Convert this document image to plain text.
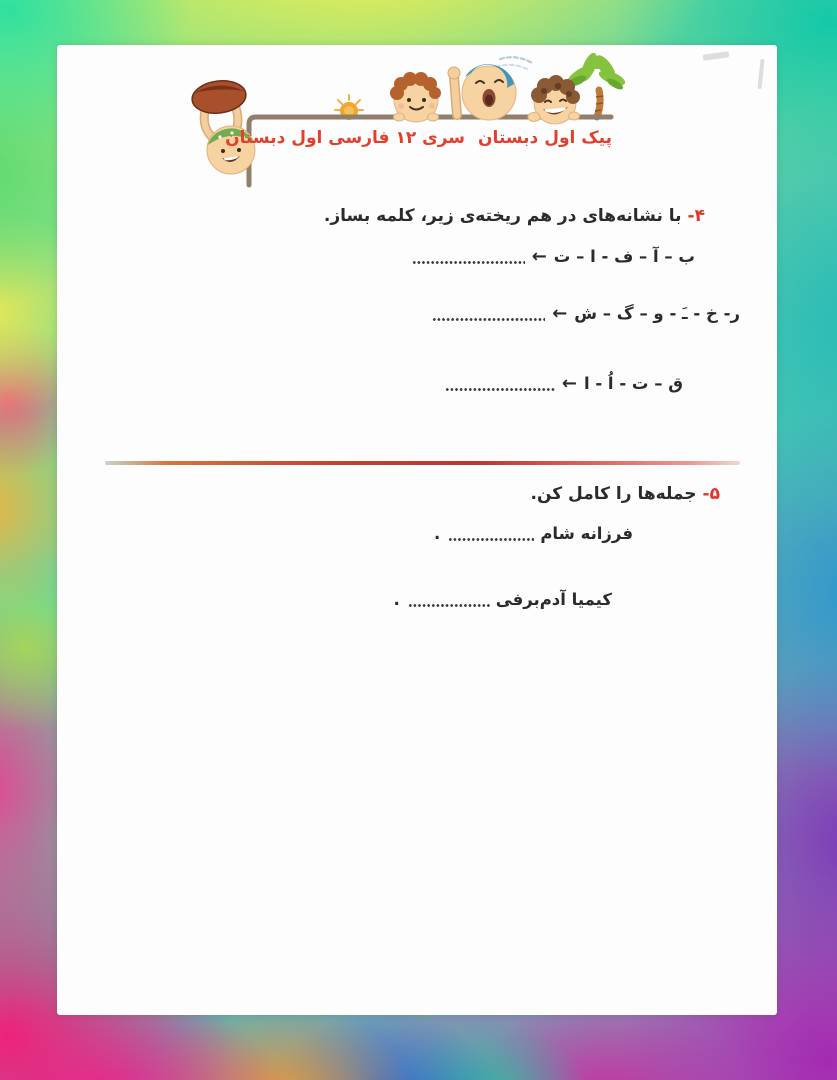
پیک اول دبستان
سری ۱۲ فارسی اول دبستان
۴-با نشانه‌های در هم ریخته‌ی زیر، کلمه بساز.
ب – آ – ف - ا – ت
←
ر- خ - ـَ - و – گ – ش
←
ق – ت - اُ - ا
←
۵-جمله‌ها را کامل کن.
فرزانه شام
.
کیمیا آدم‌برفی
.
